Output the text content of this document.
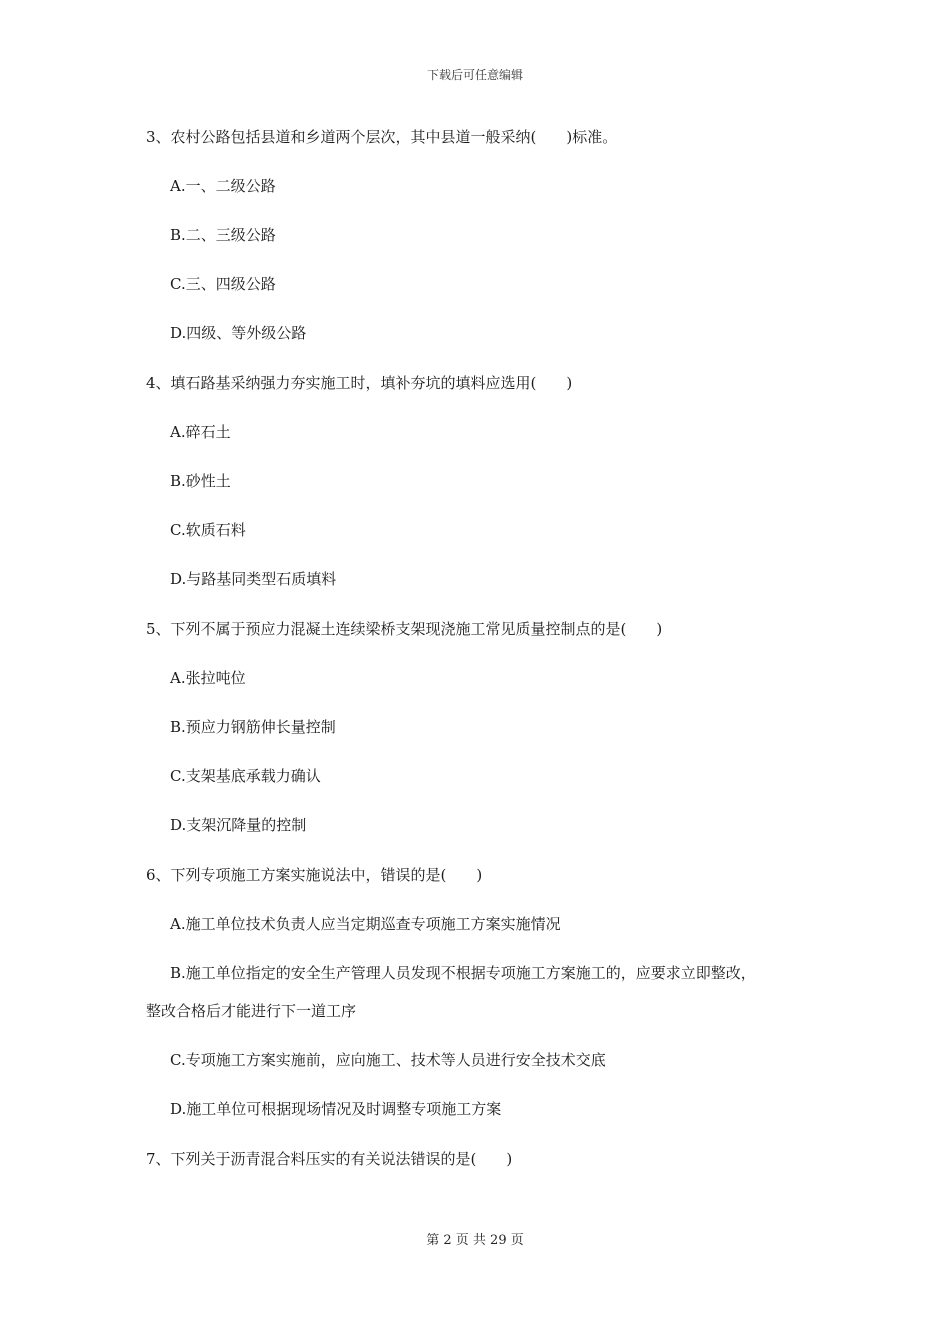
下载后可任意编辑
3、农村公路包括县道和乡道两个层次，其中县道一般采纳(　　)标准。
A.一、二级公路
B.二、三级公路
C.三、四级公路
D.四级、等外级公路
4、填石路基采纳强力夯实施工时，填补夯坑的填料应选用(　　)
A.碎石土
B.砂性土
C.软质石料
D.与路基同类型石质填料
5、下列不属于预应力混凝土连续梁桥支架现浇施工常见质量控制点的是(　　)
A.张拉吨位
B.预应力钢筋伸长量控制
C.支架基底承载力确认
D.支架沉降量的控制
6、下列专项施工方案实施说法中，错误的是(　　)
A.施工单位技术负责人应当定期巡查专项施工方案实施情况
B.施工单位指定的安全生产管理人员发现不根据专项施工方案施工的，应要求立即整改，
整改合格后才能进行下一道工序
C.专项施工方案实施前，应向施工、技术等人员进行安全技术交底
D.施工单位可根据现场情况及时调整专项施工方案
7、下列关于沥青混合料压实的有关说法错误的是(　　)
第 2 页 共 29 页
